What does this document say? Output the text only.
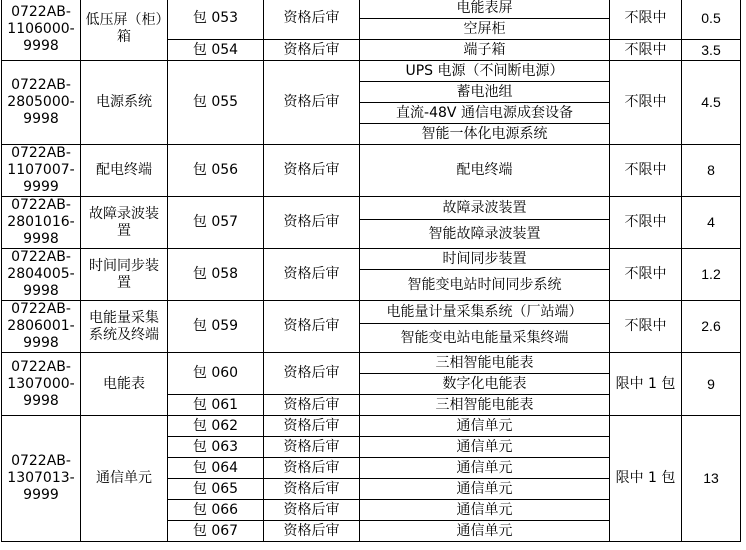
0722AB-1106000-9998	低压屏（柜）箱	包 053	资格后审	电能表屏	不限中	0.5
				空屏柜		
		包 054	资格后审	端子箱	不限中	3.5
0722AB-2805000-9998	电源系统	包 055	资格后审	UPS 电源（不间断电源）	不限中	4.5
				蓄电池组		
				直流-48V 通信电源成套设备		
				智能一体化电源系统		
0722AB-1107007-9999	配电终端	包 056	资格后审	配电终端	不限中	8
0722AB-2801016-9998	故障录波装置	包 057	资格后审	故障录波装置	不限中	4
				智能故障录波装置		
0722AB-2804005-9998	时间同步装置	包 058	资格后审	时间同步装置	不限中	1.2
				智能变电站时间同步系统		
0722AB-2806001-9998	电能量采集系统及终端	包 059	资格后审	电能量计量采集系统（厂站端）	不限中	2.6
				智能变电站电能量采集终端		
0722AB-1307000-9998	电能表	包 060	资格后审	三相智能电能表	限中 1 包	9
				数字化电能表		
		包 061	资格后审	三相智能电能表		
0722AB-1307013-9999	通信单元	包 062	资格后审	通信单元	限中 1 包	13
		包 063	资格后审	通信单元		
		包 064	资格后审	通信单元		
		包 065	资格后审	通信单元		
		包 066	资格后审	通信单元		
		包 067	资格后审	通信单元		
